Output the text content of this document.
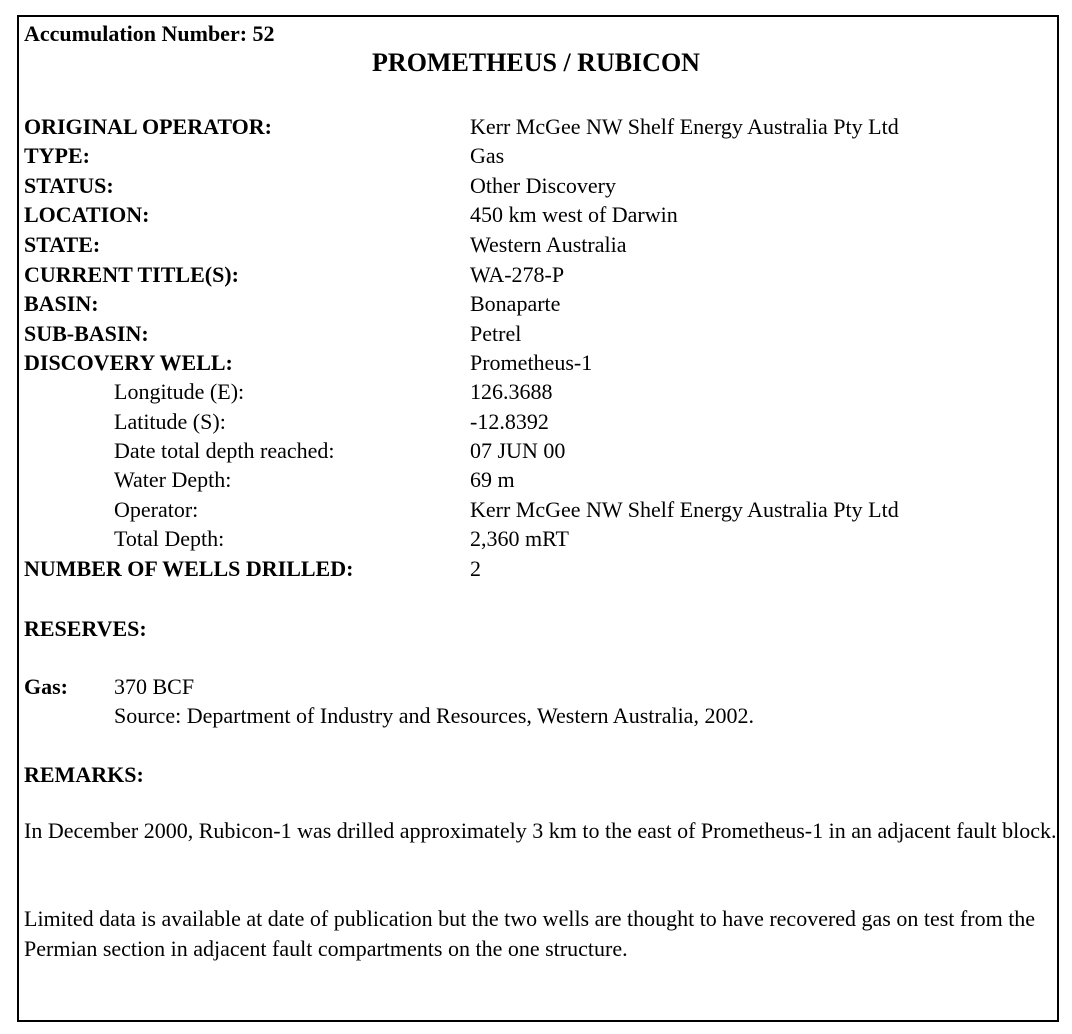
Accumulation Number: 52
PROMETHEUS / RUBICON
ORIGINAL OPERATOR:	Kerr McGee NW Shelf Energy Australia Pty Ltd
TYPE:	Gas
STATUS:	Other Discovery
LOCATION:	450 km west of Darwin
STATE:	Western Australia
CURRENT TITLE(S):	WA-278-P
BASIN:	Bonaparte
SUB-BASIN:	Petrel
DISCOVERY WELL:	Prometheus-1
Longitude (E):	126.3688
Latitude (S):	-12.8392
Date total depth reached:	07 JUN 00
Water Depth:	69 m
Operator:	Kerr McGee NW Shelf Energy Australia Pty Ltd
Total Depth:	2,360 mRT
NUMBER OF WELLS DRILLED:	2
RESERVES:
Gas: 370 BCF
Source: Department of Industry and Resources, Western Australia, 2002.
REMARKS:
In December 2000, Rubicon-1 was drilled approximately 3 km to the east of Prometheus-1 in an adjacent fault block.
Limited data is available at date of publication but the two wells are thought to have recovered gas on test from the Permian section in adjacent fault compartments on the one structure.
